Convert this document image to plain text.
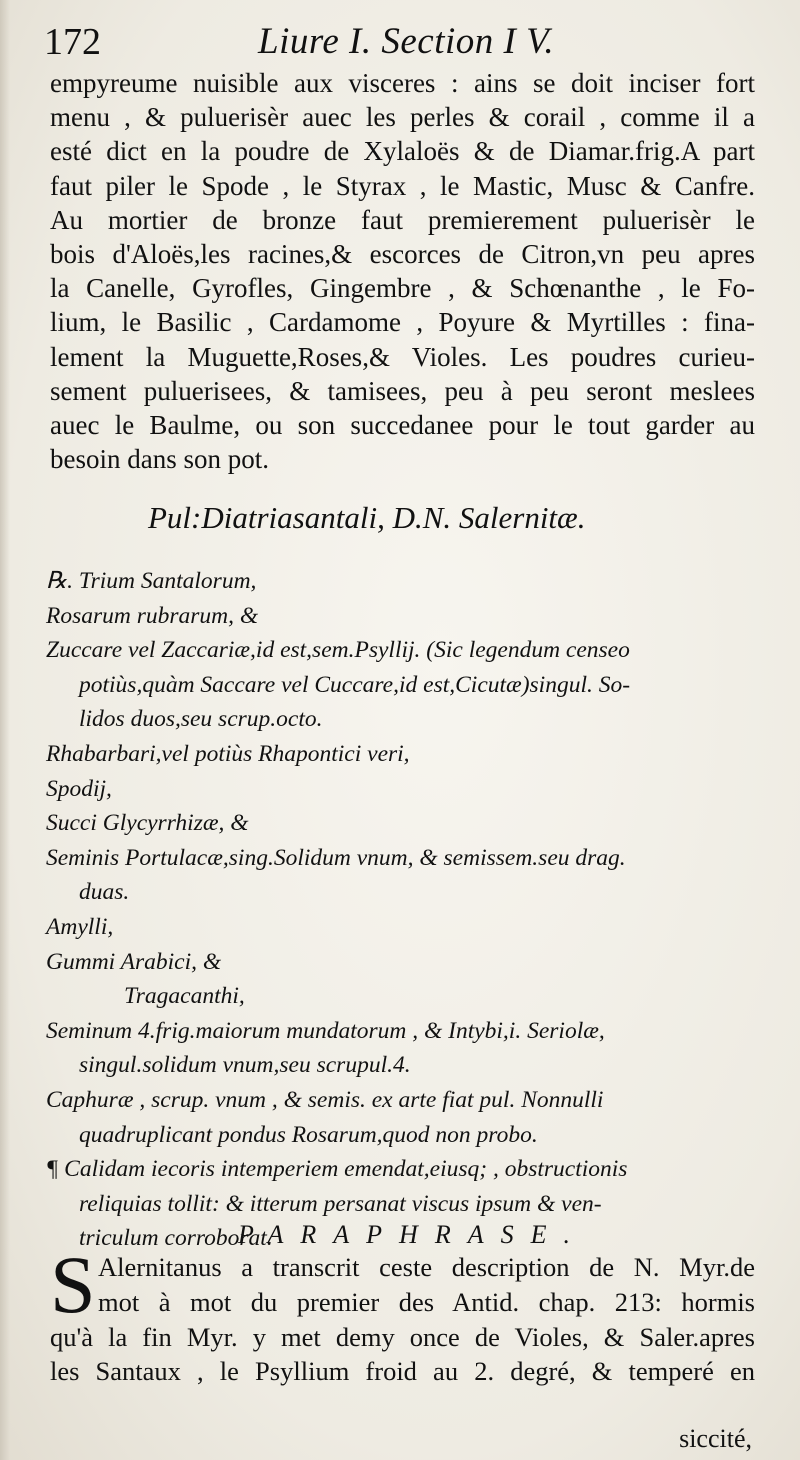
172	Liure I. Section I V.
empyreume nuisible aux visceres : ains se doit inciser fort
menu , & puluerisèr auec les perles & corail , comme il a
esté dict en la poudre de Xylaloës & de Diamar.frig.A part
faut piler le Spode , le Styrax , le Mastic, Musc & Canfre.
Au mortier de bronze faut premierement puluerisèr le
bois d'Aloës,les racines,& escorces de Citron,vn peu apres
la Canelle, Gyrofles, Gingembre , & Schœnanthe , le Fo-
lium, le Basilic , Cardamome , Poyure & Myrtilles : fina-
lement la Muguette,Roses,& Violes. Les poudres curieu-
sement puluerisees, & tamisees, peu à peu seront meslees
auec le Baulme, ou son succedanee pour le tout garder au
besoin dans son pot.
Pul:Diatriasantali, D.N. Salernitæ.
℞. Trium Santalorum,
Rosarum rubrarum, &
Zuccare vel Zaccariæ,id est,sem.Psyllij. (Sic legendum censeo
potiùs,quàm Saccare vel Cuccare,id est,Cicutæ)singul. So-
lidos duos,seu scrup.octo.
Rhabarbari,vel potiùs Rhapontici veri,
Spodij,
Succi Glycyrrhizæ, &
Seminis Portulacæ,sing.Solidum vnum, & semissem.seu drag.
duas.
Amylli,
Gummi Arabici, &
Tragacanthi,
Seminum 4.frig.maiorum mundatorum , & Intybi,i. Seriolæ,
singul.solidum vnum,seu scrupul.4.
Caphuræ , scrup. vnum , & semis. ex arte fiat pul. Nonnulli
quadruplicant pondus Rosarum,quod non probo.
¶ Calidam iecoris intemperiem emendat,eiusq; , obstructionis
reliquias tollit: & itterum persanat viscus ipsum & ven-
triculum corroborat.
PARAPHRASE.
S Alernitanus a transcrit ceste description de N. Myr.de
mot à mot du premier des Antid. chap. 213: hormis
qu'à la fin Myr. y met demy once de Violes, & Saler.apres
les Santaux , le Psyllium froid au 2. degré, & temperé en
siccité,
